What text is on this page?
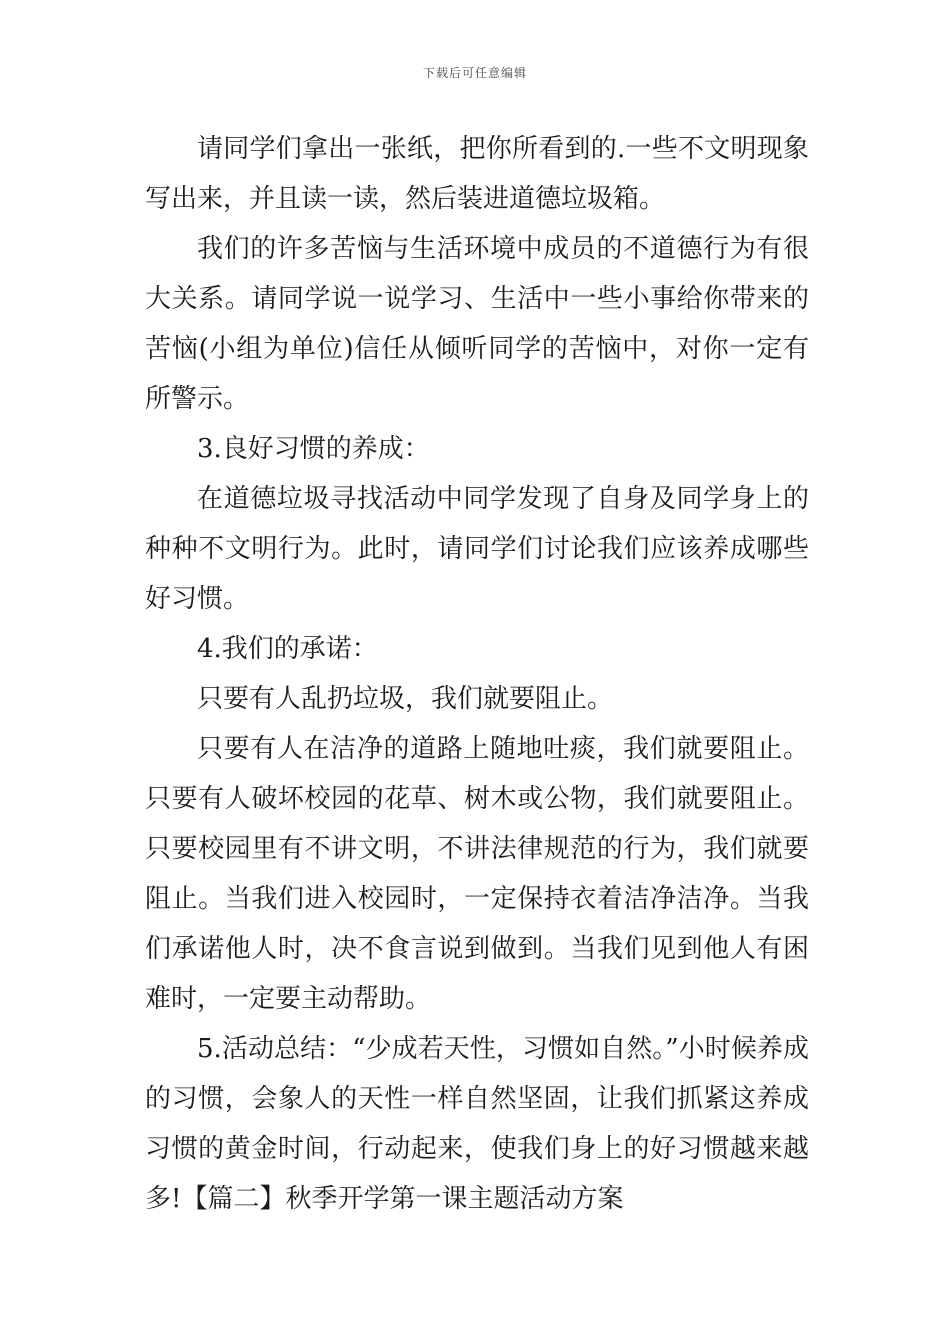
下载后可任意编辑

请同学们拿出一张纸，把你所看到的.一些不文明现象写出来，并且读一读，然后装进道德垃圾箱。

我们的许多苦恼与生活环境中成员的不道德行为有很大关系。请同学说一说学习、生活中一些小事给你带来的苦恼(小组为单位)信任从倾听同学的苦恼中，对你一定有所警示。

3.良好习惯的养成：

在道德垃圾寻找活动中同学发现了自身及同学身上的种种不文明行为。此时，请同学们讨论我们应该养成哪些好习惯。

4.我们的承诺：

只要有人乱扔垃圾，我们就要阻止。

只要有人在洁净的道路上随地吐痰，我们就要阻止。只要有人破坏校园的花草、树木或公物，我们就要阻止。只要校园里有不讲文明，不讲法律规范的行为，我们就要阻止。当我们进入校园时，一定保持衣着洁净洁净。当我们承诺他人时，决不食言说到做到。当我们见到他人有困难时，一定要主动帮助。

5.活动总结：“少成若天性，习惯如自然。”小时候养成的习惯，会象人的天性一样自然坚固，让我们抓紧这养成习惯的黄金时间，行动起来，使我们身上的好习惯越来越多!【篇二】秋季开学第一课主题活动方案
